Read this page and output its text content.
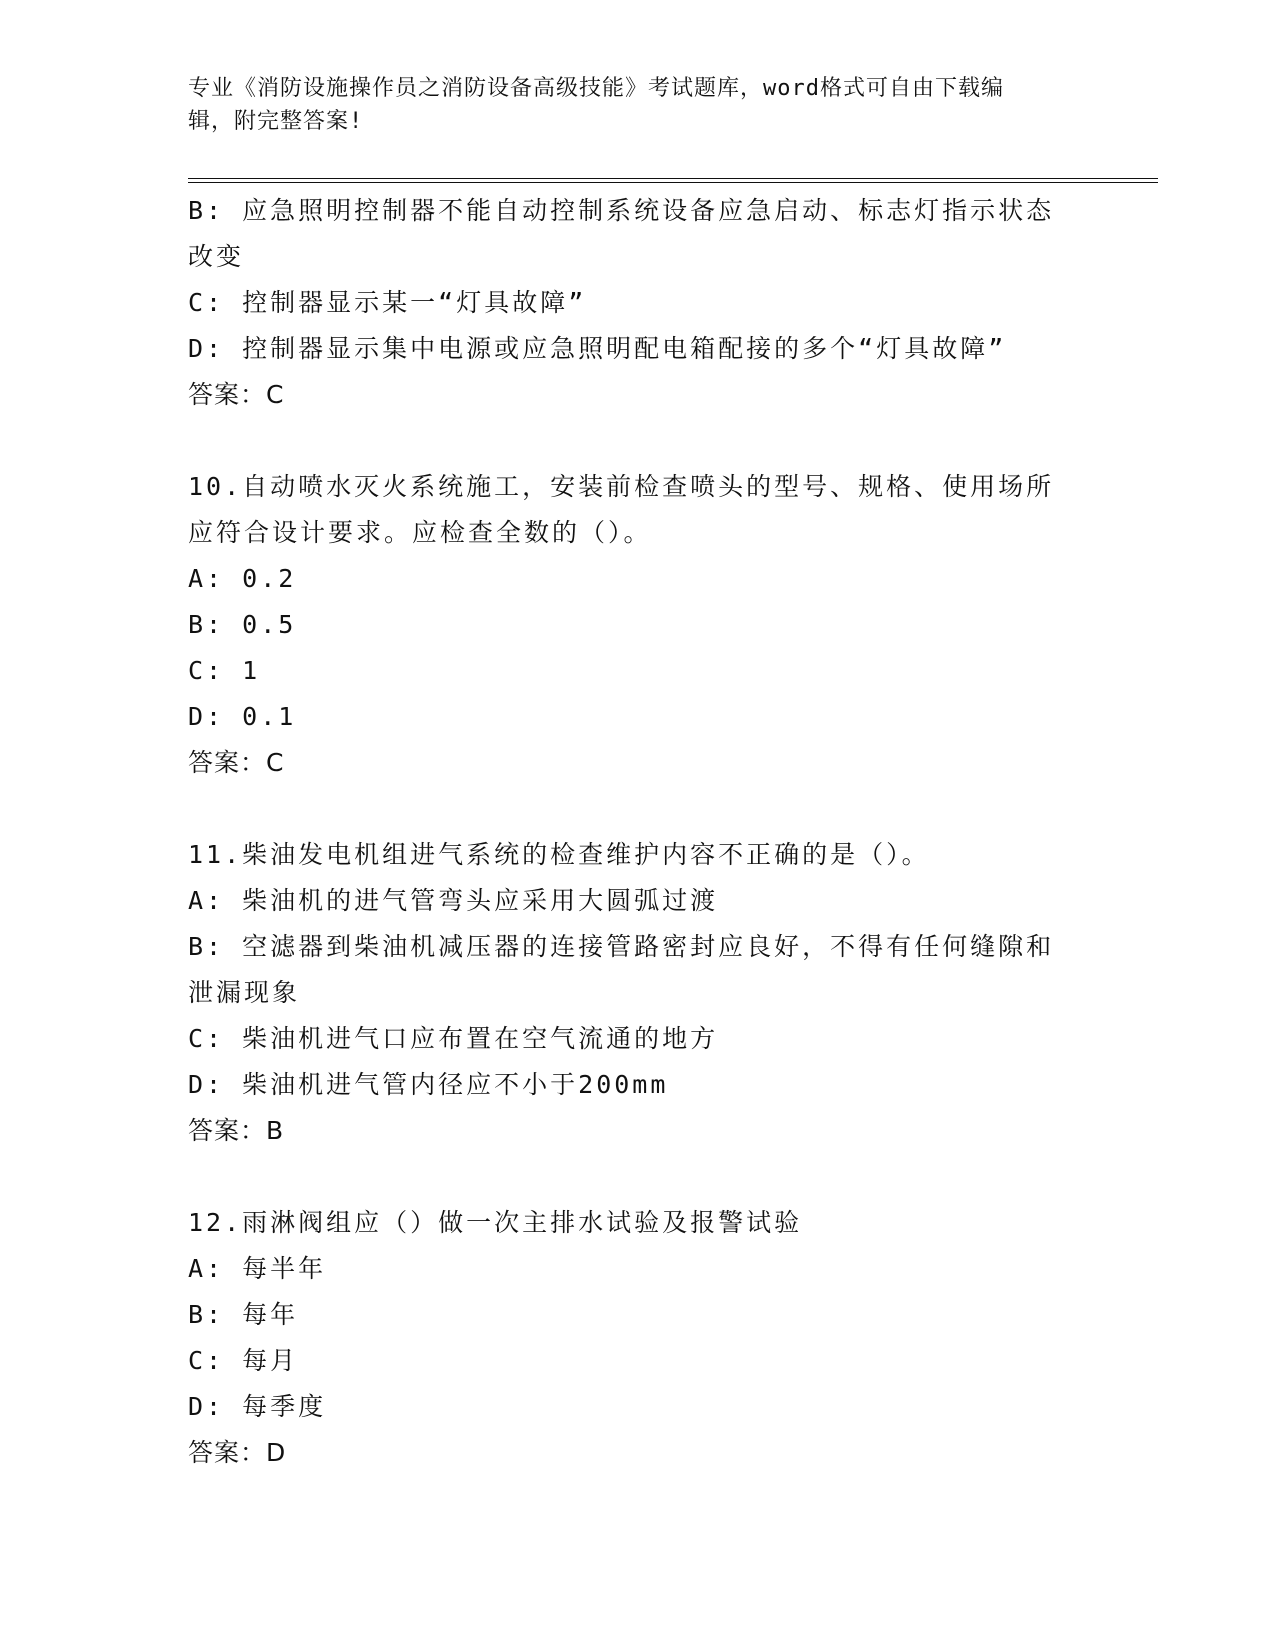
专业《消防设施操作员之消防设备高级技能》考试题库，word格式可自由下载编
辑，附完整答案!
B: 应急照明控制器不能自动控制系统设备应急启动、标志灯指示状态
改变
C: 控制器显示某一“灯具故障”
D: 控制器显示集中电源或应急照明配电箱配接的多个“灯具故障”
答案：C
10.自动喷水灭火系统施工，安装前检查喷头的型号、规格、使用场所
应符合设计要求。应检查全数的（）。
A: 0.2
B: 0.5
C: 1
D: 0.1
答案：C
11.柴油发电机组进气系统的检查维护内容不正确的是（）。
A: 柴油机的进气管弯头应采用大圆弧过渡
B: 空滤器到柴油机减压器的连接管路密封应良好，不得有任何缝隙和
泄漏现象
C: 柴油机进气口应布置在空气流通的地方
D: 柴油机进气管内径应不小于200mm
答案：B
12.雨淋阀组应（）做一次主排水试验及报警试验
A: 每半年
B: 每年
C: 每月
D: 每季度
答案：D
